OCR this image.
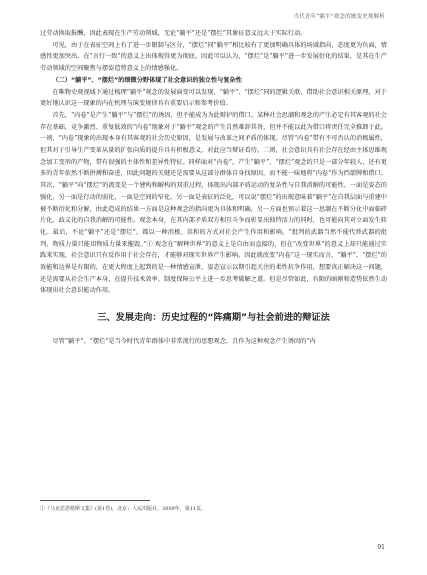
当代青年“躺平”观念的嬗变史观解析

过劳动换取报酬，因此表现在生产劳动领域，无论“躺平”还是“摆烂”其象征意义远大于实际行动。

可见，由于在表征空间上有了进一步限制与区分，“摆烂”同“躺平”相比较有了更加明确具体的场域指向，态度更为负面，情感性更加突出。在“言行一致”的意义上出体现得更为彻底。因此可以认为，“摆烂”是“躺平”进一步发展衍化的结果，是其在生产劳动领域的空间聚焦与摆姿造势意义上的情感强化。

（二）“躺平”、“摆烂”的细微分野体现了社会意识的独立性与复杂性

在唯物史观视域下通过梳理“躺平”观念的发展演变可以发现，“躺平”、“摆烂”同的逻辑关联，借助社会意识相关原理，对于更好地认识这一现象的内在机理与演变规律具有重要启示和参考价值。

首先，“内卷”是产生“躺平”与“摆烂”的诱因，但不能成为为此辩护的借口。某种社会思潮和观念的产生必定有其客观的社会存在基础。竞争激烈、重复低效的“内卷”现象对于“躺平”观念的产生自然难辞其咎，但并不能以此为借口将责任完全推卸于此。一则，“内卷”现象的出现本身有其客观的社会历史原因，是发展与改革之间矛盾的体现。尽管“内卷”带有不可否认的消极属性，但其对于引导生产变革从量的扩张向质的提升具有积极意义，对此应当辩证看待。二则，社会意识具有社会存在经由主体思维观念加工变形的产物，带有很强的主体性和差异性特征。同样面对“内卷”，产生“躺平”、“摆烂”观念的只是一部分年轻人，还有更多的青年依然不断拼搏和奋进，因此问题的关键还是需要从这部分群体自身找原因，而不能一味地将“内卷”作为挡箭牌和借口。其次，“躺平”向“摆烂”的流变是一个建构和解构的双重过程，体现出内部矛盾运动的复杂性与自我消解的可能性。一面是姿态的强化、另一面是行动的弱化，一面是空间的窄化、另一面是表征的泛化，可以说“摆烂”的出现意味着“躺平”在自我层面与重建中被不断衍化和分解，由此造成的结果一方面是这种观念的指向更为具体和明确，另一方面也预示着这一思潮在不断分化中面临碎片化、歧义化的自我消解的可能性。观念本身，在其内部矛盾双方相互斗争而彰显出独特活力的同时，也可能向其对立面发生转化。最后，不论“躺平”还是“摆烂”，都以一种消极、误和的方式对社会产生作用和影响。“批判的武器当然不能代替武器的批判，物质力量只能用物质力量来摧毁。”① 观念在“解释世界”的意义上是自由而直接的，但在“改变世界”的意义上却只能通过实践来实现，社会意识只有反作用于社会存在，才能够对现实世界产生影响。因此就改变“内卷”这一现实而言，“躺平”、“摆烂”的效能和边界是有限的，在更大程度上起到的是一种情感宣泄、姿态宣示以期引起关注的柔性抗争作用，想要真正解决这一问题，还是需要从社会生产本身，在提升技术效率、制度保障公平上进一步思考破解之道。但是尽管如此，有限的暗刚和造势依然生动体现出社会意识能动作用。

三、发展走向：历史过程的“阵痛期”与社会前进的辩证法

尽管“躺平”、“摆烂”是当今时代青年群体中非常流行的思想观念，且作为这种观念产生诱因的“内

①《马克思恩格斯文集》(第1卷)，北京：人民出版社，2009年，第11页。
91
